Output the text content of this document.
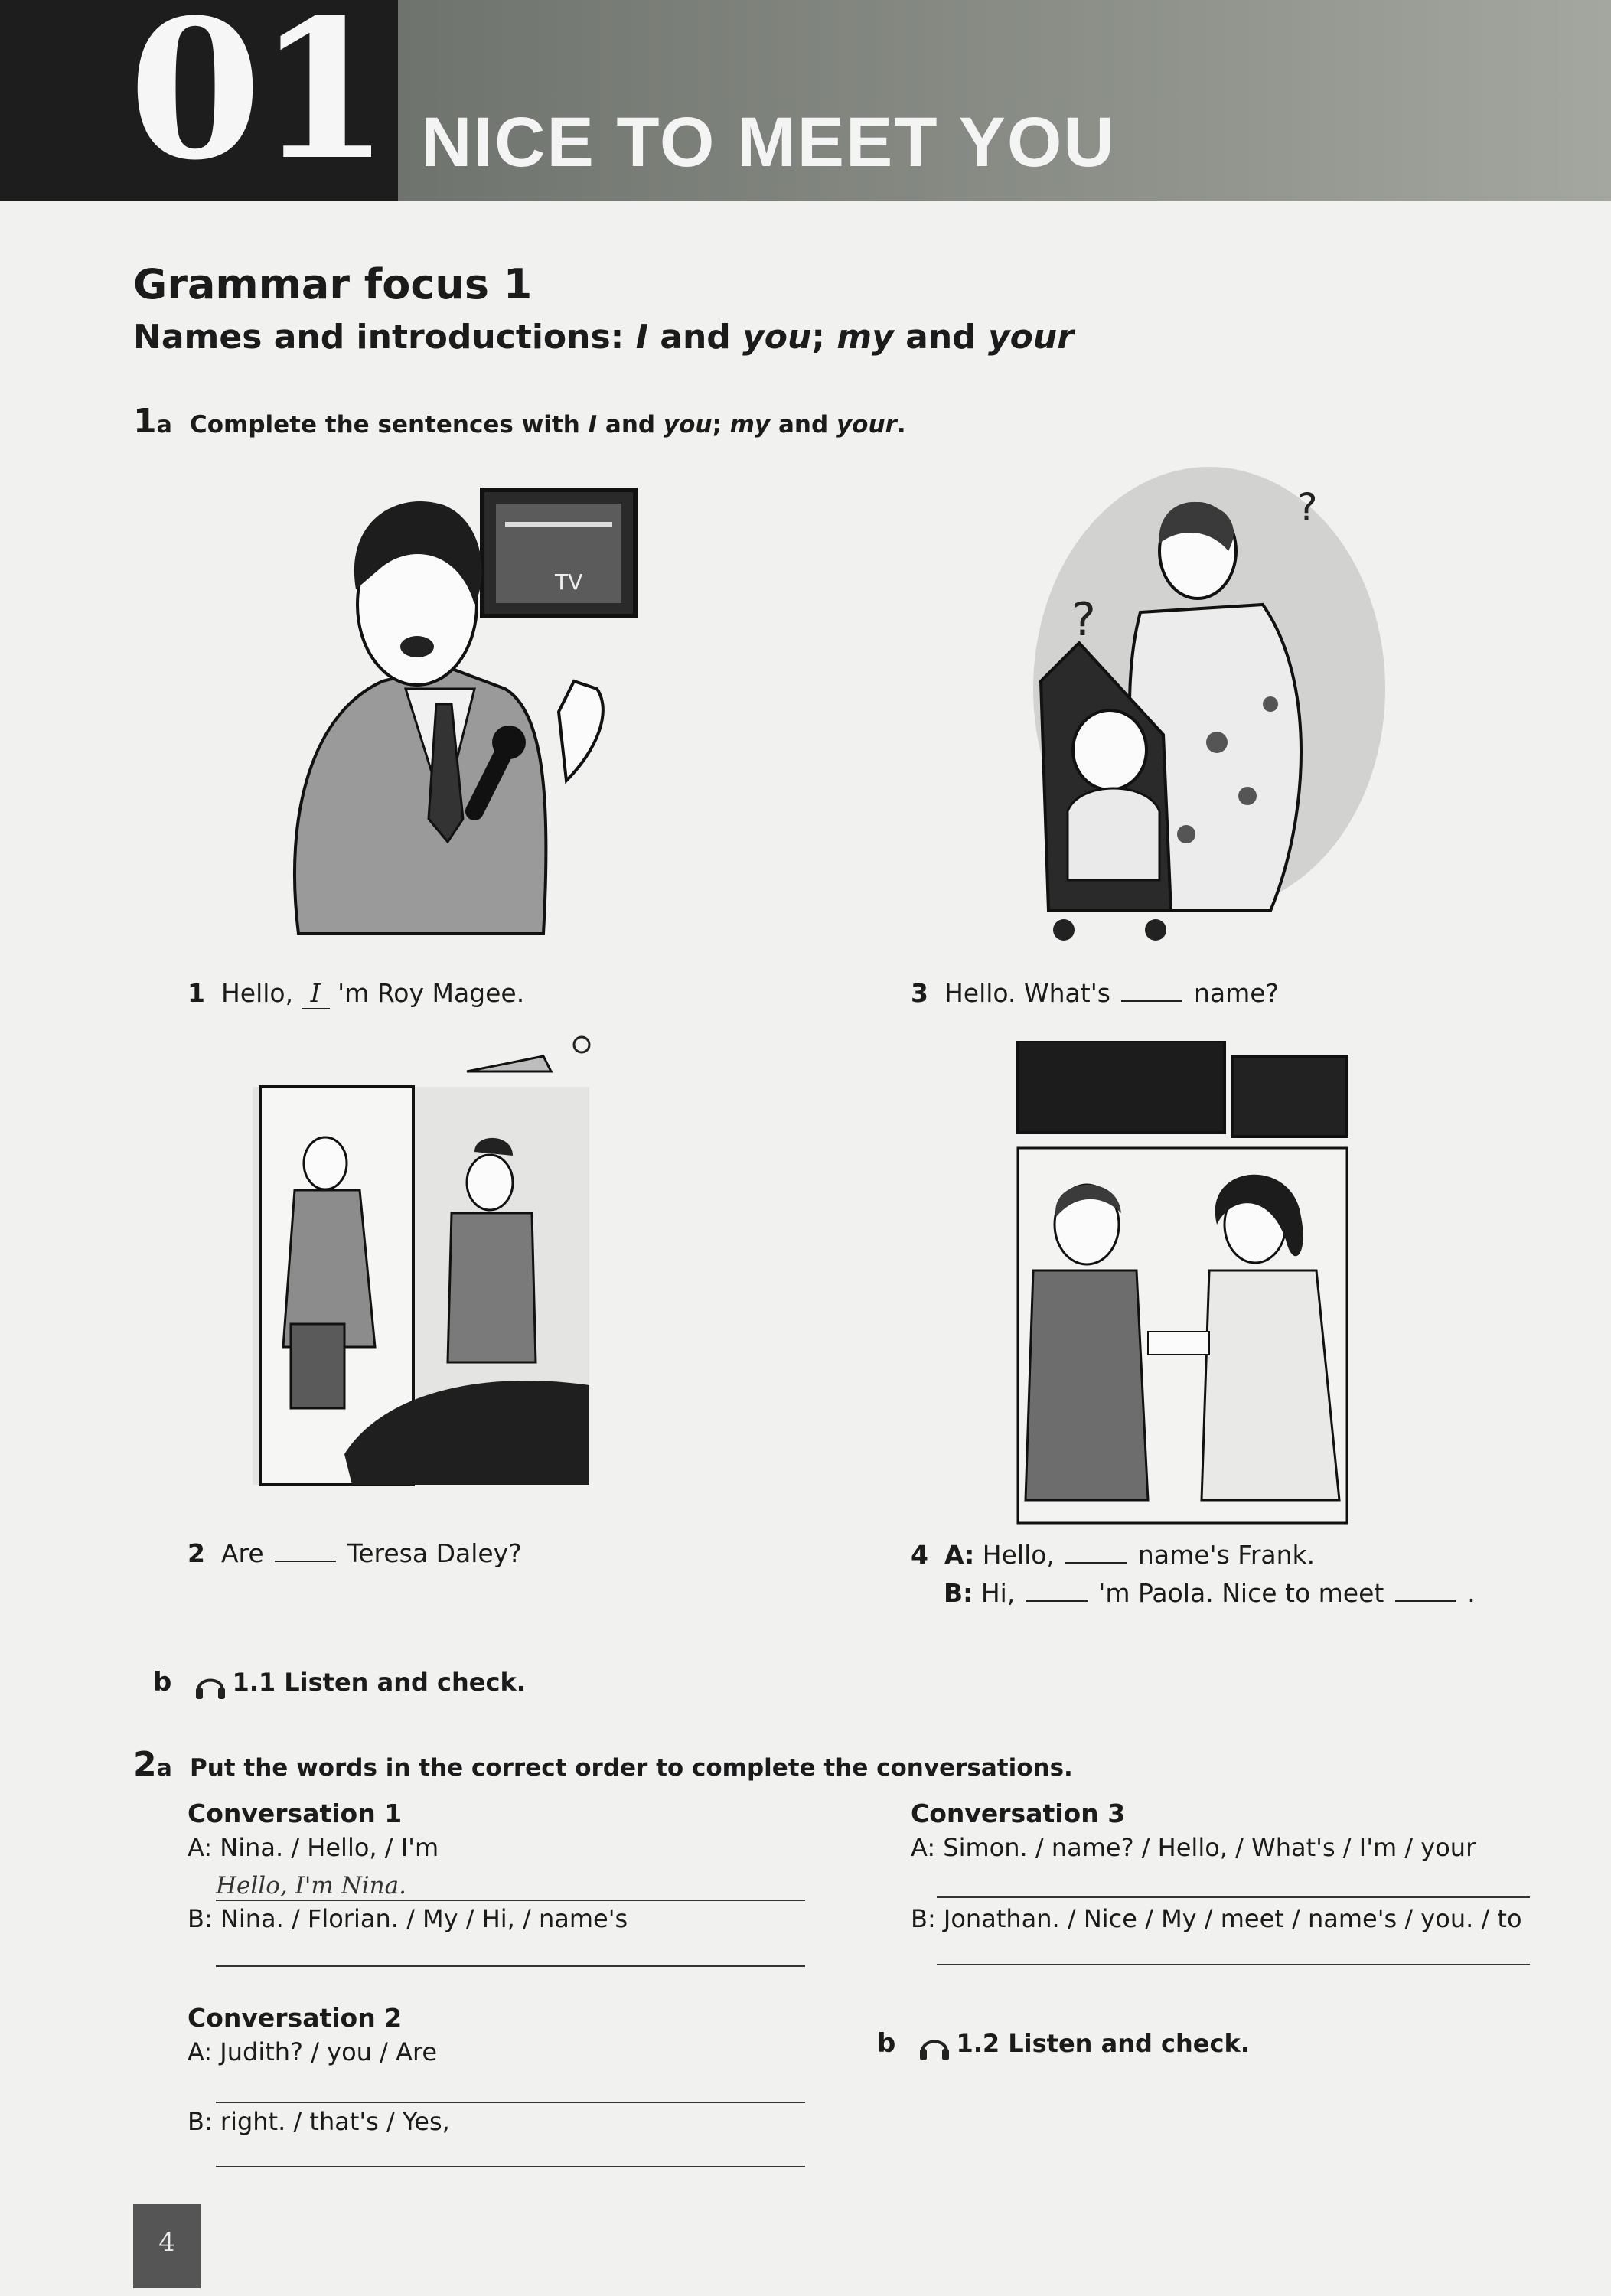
01 NICE TO MEET YOU
Grammar focus 1
Names and introductions: I and you; my and your
1a Complete the sentences with I and you; my and your.
TV
?
?
1 Hello, I 'm Roy Magee.	3 Hello. What's	name?
2 Are	Teresa Daley?	4 A: Hello,	name's Frank.
B: Hi,	'm Paola. Nice to meet	.
b 1.1 Listen and check.
2a Put the words in the correct order to complete the conversations.
Conversation 1
A: Nina. / Hello, / I'm
Hello, I'm Nina.
B: Nina. / Florian. / My / Hi, / name's
Conversation 2
A: Judith? / you / Are
B: right. / that's / Yes,
Conversation 3
A: Simon. / name? / Hello, / What's / I'm / your
B: Jonathan. / Nice / My / meet / name's / you. / to
b 1.2 Listen and check.
4
